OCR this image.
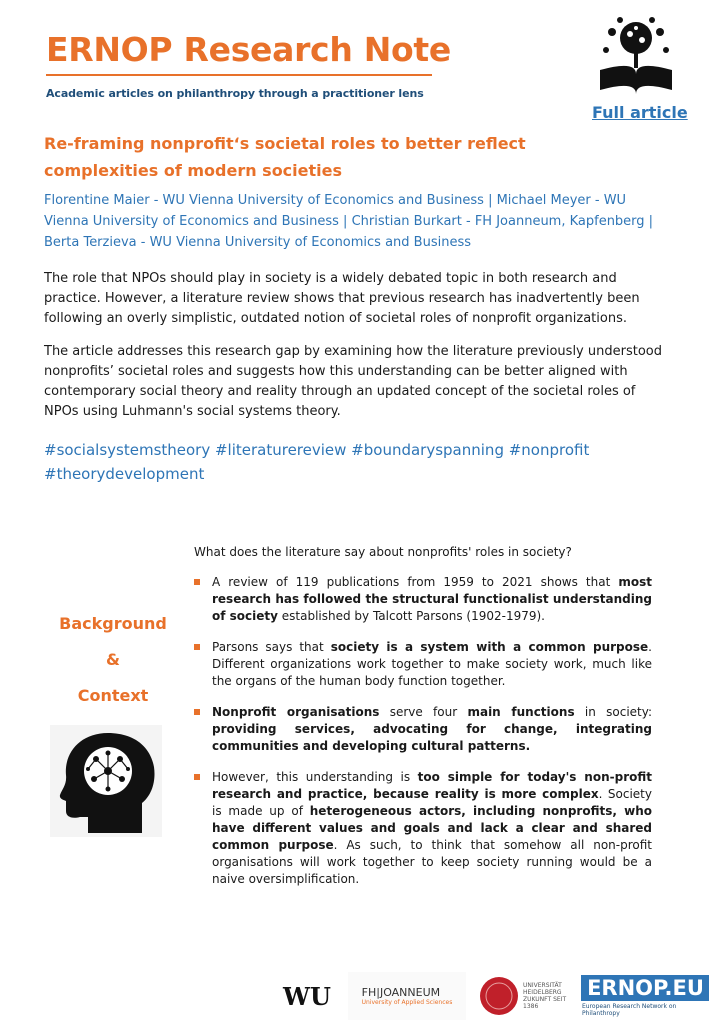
ERNOP Research Note
Academic articles on philanthropy through a practitioner lens
Full article
Re-framing nonprofit‘s societal roles to better reflect complexities of modern societies
Florentine Maier - WU Vienna University of Economics and Business | Michael Meyer - WU Vienna University of Economics and Business | Christian Burkart - FH Joanneum, Kapfenberg | Berta Terzieva - WU Vienna University of Economics and Business
The role that NPOs should play in society is a widely debated topic in both research and practice. However, a literature review shows that previous research has inadvertently been following an overly simplistic, outdated notion of societal roles of nonprofit organizations.
The article addresses this research gap by examining how the literature previously understood nonprofits’ societal roles and suggests how this understanding can be better aligned with contemporary social theory and reality through an updated concept of the societal roles of NPOs using Luhmann's social systems theory.
#socialsystemstheory #literaturereview #boundaryspanning #nonprofit #theorydevelopment
Background
&
Context
What does the literature say about nonprofits' roles in society?
A review of 119 publications from 1959 to 2021 shows that most research has followed the structural functionalist understanding of society established by Talcott Parsons (1902-1979).
Parsons says that society is a system with a common purpose. Different organizations work together to make society work, much like the organs of the human body function together.
Nonprofit organisations serve four main functions in society: providing services, advocating for change, integrating communities and developing cultural patterns.
However, this understanding is too simple for today's non-profit research and practice, because reality is more complex. Society is made up of heterogeneous actors, including nonprofits, who have different values and goals and lack a clear and shared common purpose. As such, to think that somehow all non-profit organisations will work together to keep society running would be a naive oversimplification.
WU	FH|JOANNEUM
University of Applied Sciences
UNIVERSITÄT HEIDELBERG ZUKUNFT SEIT 1386
ERNOP.EU
European Research Network on Philanthropy
